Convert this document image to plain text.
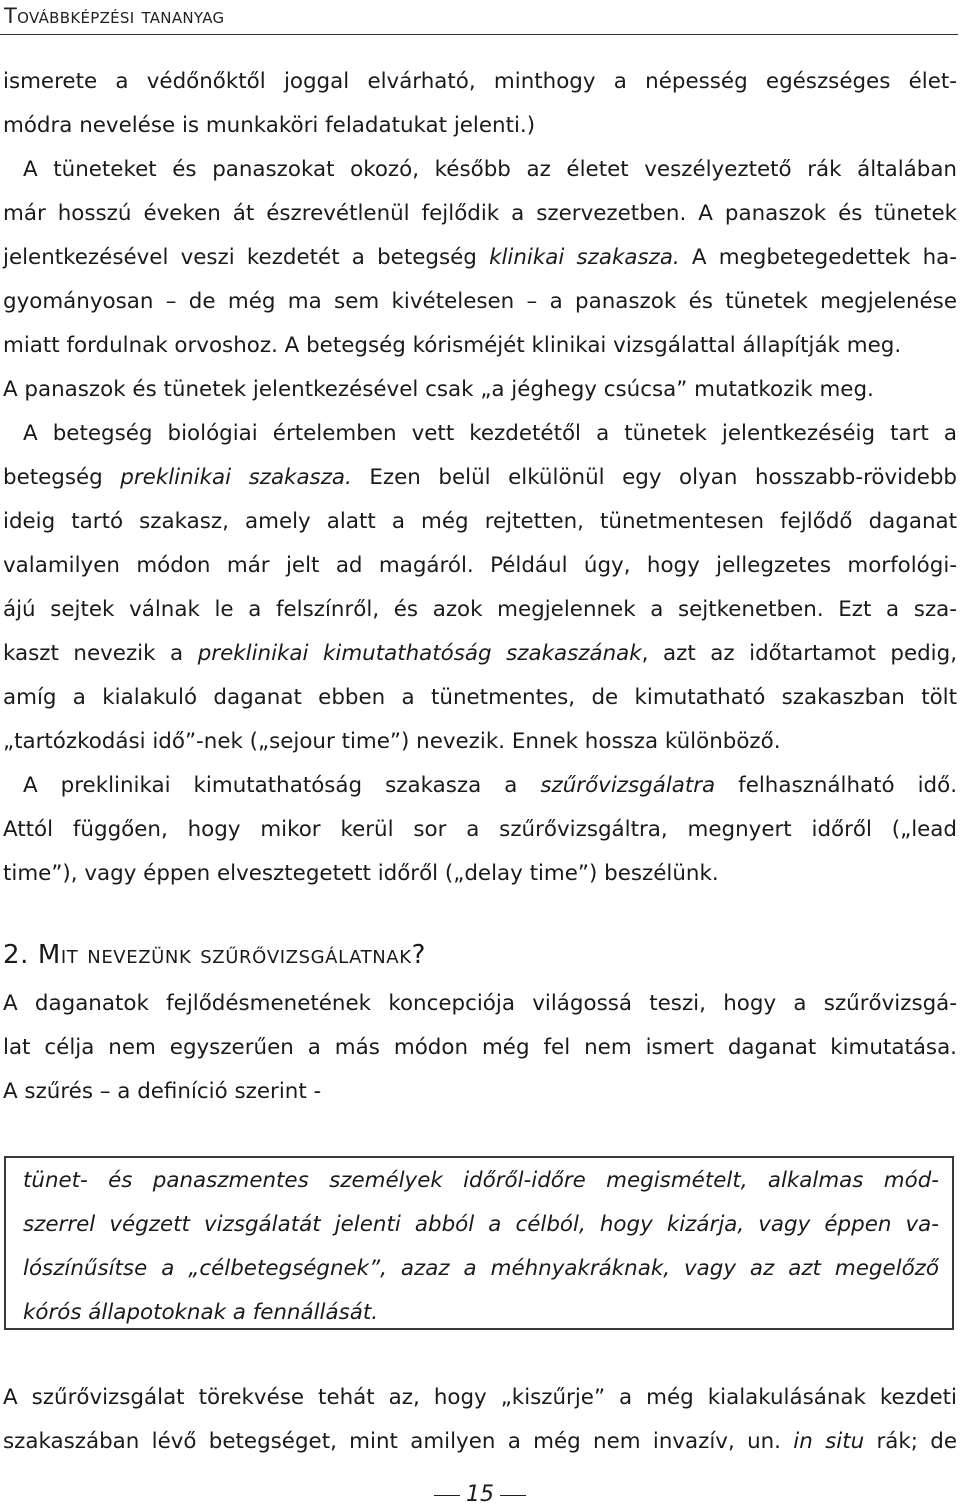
Továbbképzési tananyag
ismerete a védőnőktől joggal elvárható, minthogy a népesség egészséges élet-
módra nevelése is munkaköri feladatukat jelenti.)
A tüneteket és panaszokat okozó, később az életet veszélyeztető rák általában
már hosszú éveken át észrevétlenül fejlődik a szervezetben. A panaszok és tünetek
jelentkezésével veszi kezdetét a betegség klinikai szakasza. A megbetegedettek ha-
gyományosan – de még ma sem kivételesen – a panaszok és tünetek megjelenése
miatt fordulnak orvoshoz. A betegség kórisméjét klinikai vizsgálattal állapítják meg.
A panaszok és tünetek jelentkezésével csak „a jéghegy csúcsa” mutatkozik meg.
A betegség biológiai értelemben vett kezdetétől a tünetek jelentkezéséig tart a
betegség preklinikai szakasza. Ezen belül elkülönül egy olyan hosszabb-rövidebb
ideig tartó szakasz, amely alatt a még rejtetten, tünetmentesen fejlődő daganat
valamilyen módon már jelt ad magáról. Például úgy, hogy jellegzetes morfológi-
ájú sejtek válnak le a felszínről, és azok megjelennek a sejtkenetben. Ezt a sza-
kaszt nevezik a preklinikai kimutathatóság szakaszának, azt az időtartamot pedig,
amíg a kialakuló daganat ebben a tünetmentes, de kimutatható szakaszban tölt
„tartózkodási idő”-nek („sejour time”) nevezik. Ennek hossza különböző.
A preklinikai kimutathatóság szakasza a szűrővizsgálatra felhasználható idő.
Attól függően, hogy mikor kerül sor a szűrővizsgáltra, megnyert időről („lead
time”), vagy éppen elvesztegetett időről („delay time”) beszélünk.
2. Mit nevezünk szűrővizsgálatnak?
A daganatok fejlődésmenetének koncepciója világossá teszi, hogy a szűrővizsgá-
lat célja nem egyszerűen a más módon még fel nem ismert daganat kimutatása.
A szűrés – a definíció szerint -
tünet- és panaszmentes személyek időről-időre megismételt, alkalmas mód-
szerrel végzett vizsgálatát jelenti abból a célból, hogy kizárja, vagy éppen va-
lószínűsítse a „célbetegségnek”, azaz a méhnyakráknak, vagy az azt megelőző
kórós állapotoknak a fennállását.
A szűrővizsgálat törekvése tehát az, hogy „kiszűrje” a még kialakulásának kezdeti
szakaszában lévő betegséget, mint amilyen a még nem invazív, un. in situ rák; de
15
